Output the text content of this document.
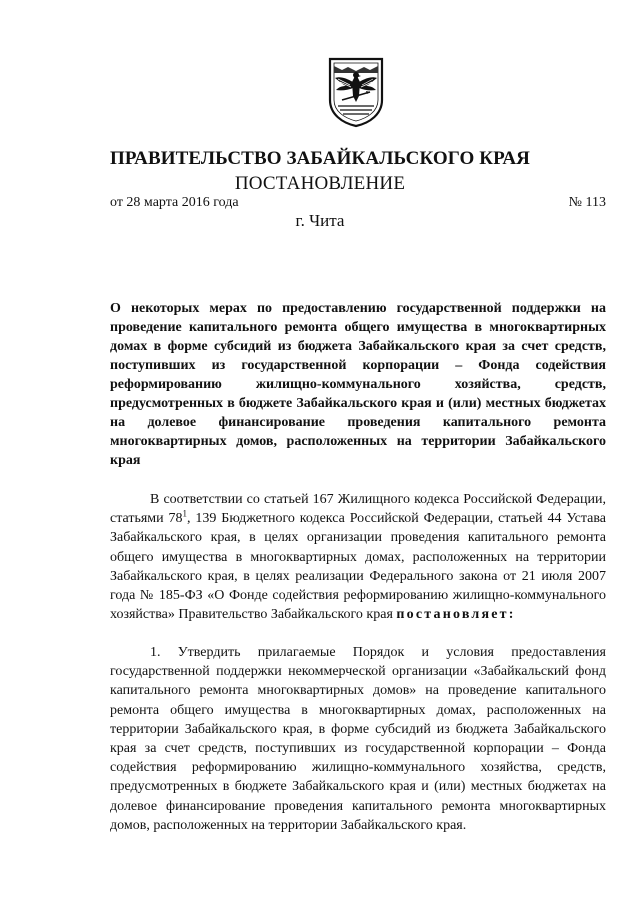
ПРАВИТЕЛЬСТВО ЗАБАЙКАЛЬСКОГО КРАЯ
ПОСТАНОВЛЕНИЕ
от 28 марта 2016 года	№ 113
г. Чита
О некоторых мерах по предоставлению государственной поддержки на проведение капитального ремонта общего имущества в многоквартирных домах в форме субсидий из бюджета Забайкальского края за счет средств, поступивших из государственной корпорации – Фонда содействия реформированию жилищно-коммунального хозяйства, средств, предусмотренных в бюджете Забайкальского края и (или) местных бюджетах на долевое финансирование проведения капитального ремонта многоквартирных домов, расположенных на территории Забайкальского края

В соответствии со статьей 167 Жилищного кодекса Российской Федерации, статьями $78^1$, 139 Бюджетного кодекса Российской Федерации, статьей 44 Устава Забайкальского края, в целях организации проведения капитального ремонта общего имущества в многоквартирных домах, расположенных на территории Забайкальского края, в целях реализации Федерального закона от 21 июля 2007 года № 185-ФЗ «О Фонде содействия реформированию жилищно-коммунального хозяйства» Правительство Забайкальского края постановляет:

1. Утвердить прилагаемые Порядок и условия предоставления государственной поддержки некоммерческой организации «Забайкальский фонд капитального ремонта многоквартирных домов» на проведение капитального ремонта общего имущества в многоквартирных домах, расположенных на территории Забайкальского края, в форме субсидий из бюджета Забайкальского края за счет средств, поступивших из государственной корпорации – Фонда содействия реформированию жилищно-коммунального хозяйства, средств, предусмотренных в бюджете Забайкальского края и (или) местных бюджетах на долевое финансирование проведения капитального ремонта многоквартирных домов, расположенных на территории Забайкальского края.
